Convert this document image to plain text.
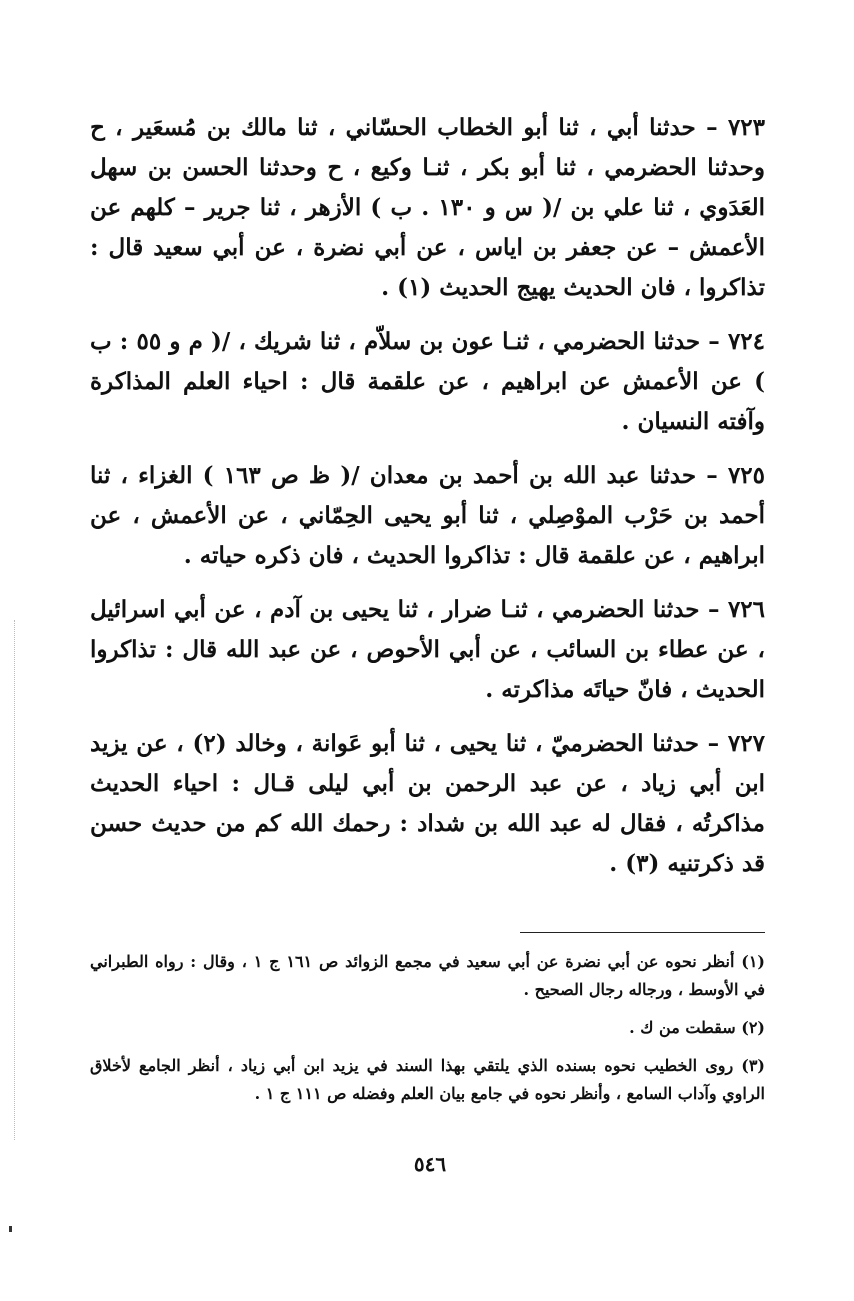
٧٢٣ – حدثنا أبي ، ثنا أبو الخطاب الحسّاني ، ثنا مالك بن مُسعَير ، ح وحدثنا الحضرمي ، ثنا أبو بكر ، ثنـا وكيع ، ح وحدثنا الحسن بن سهل العَدَوي ، ثنا علي بن /( س و ١٣٠ . ب ) الأزهر ، ثنا جرير – كلهم عن الأعمش – عن جعفر بن اياس ، عن أبي نضرة ، عن أبي سعيد قال : تذاكروا ، فان الحديث يهيج الحديث (١) .

٧٢٤ – حدثنا الحضرمي ، ثنـا عون بن سلاّم ، ثنا شريك ، /( م و ٥٥ : ب ) عن الأعمش عن ابراهيم ، عن علقمة قال : احياء العلم المذاكرة وآفته النسيان .

٧٢٥ – حدثنا عبد الله بن أحمد بن معدان /( ظ ص ١٦٣ ) الغزاء ، ثنا أحمد بن حَرْب الموْصِلي ، ثنا أبو يحيى الحِمّاني ، عن الأعمش ، عن ابراهيم ، عن علقمة قال : تذاكروا الحديث ، فان ذكره حياته .

٧٢٦ – حدثنا الحضرمي ، ثنـا ضرار ، ثنا يحيى بن آدم ، عن أبي اسرائيل ، عن عطاء بن السائب ، عن أبي الأحوص ، عن عبد الله قال : تذاكروا الحديث ، فانّ حياتَه مذاكرته .

٧٢٧ – حدثنا الحضرميّ ، ثنا يحيى ، ثنا أبو عَوانة ، وخالد (٢) ، عن يزيد ابن أبي زياد ، عن عبد الرحمن بن أبي ليلى قـال : احياء الحديث مذاكرتُه ، فقال له عبد الله بن شداد : رحمك الله كم من حديث حسن قد ذكرتنيه (٣) .

(١) أنظر نحوه عن أبي نضرة عن أبي سعيد في مجمع الزوائد ص ١٦١ ج ١ ، وقال : رواه الطبراني في الأوسط ، ورجاله رجال الصحيح .

(٢) سقطت من ك .

(٣) روى الخطيب نحوه بسنده الذي يلتقي بهذا السند في يزيد ابن أبي زياد ، أنظر الجامع لأخلاق الراوي وآداب السامع ، وأنظر نحوه في جامع بيان العلم وفضله ص ١١١ ج ١ .

٥٤٦
